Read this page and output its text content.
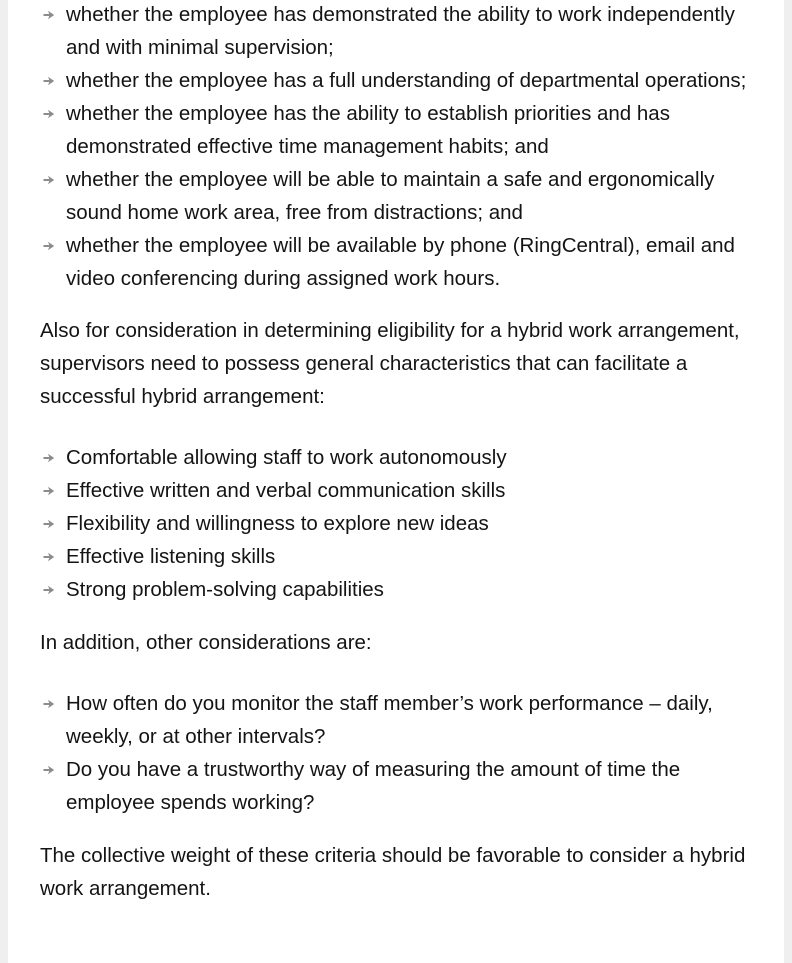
whether the employee has demonstrated the ability to work independently and with minimal supervision;
whether the employee has a full understanding of departmental operations;
whether the employee has the ability to establish priorities and has demonstrated effective time management habits; and
whether the employee will be able to maintain a safe and ergonomically sound home work area, free from distractions; and
whether the employee will be available by phone (RingCentral), email and video conferencing during assigned work hours.

Also for consideration in determining eligibility for a hybrid work arrangement, supervisors need to possess general characteristics that can facilitate a successful hybrid arrangement:

Comfortable allowing staff to work autonomously
Effective written and verbal communication skills
Flexibility and willingness to explore new ideas
Effective listening skills
Strong problem-solving capabilities

In addition, other considerations are:

How often do you monitor the staff member’s work performance – daily, weekly, or at other intervals?
Do you have a trustworthy way of measuring the amount of time the employee spends working?

The collective weight of these criteria should be favorable to consider a hybrid work arrangement.
